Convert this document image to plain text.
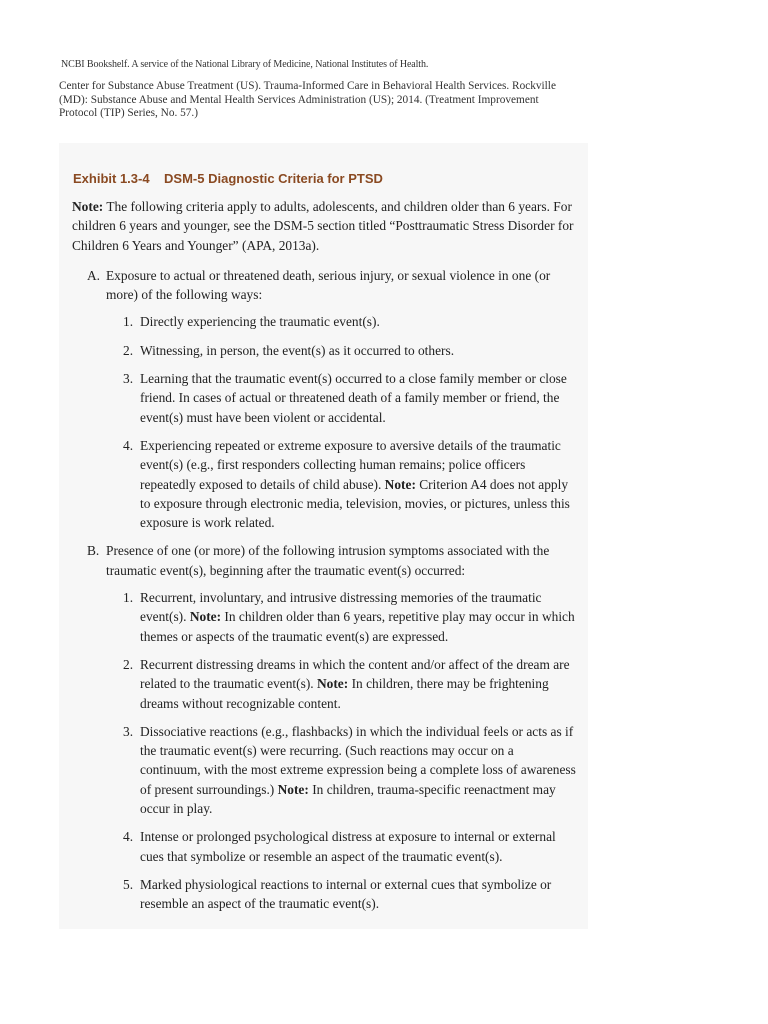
NCBI Bookshelf. A service of the National Library of Medicine, National Institutes of Health.
Center for Substance Abuse Treatment (US). Trauma-Informed Care in Behavioral Health Services. Rockville (MD): Substance Abuse and Mental Health Services Administration (US); 2014. (Treatment Improvement Protocol (TIP) Series, No. 57.)
Exhibit 1.3-4 DSM-5 Diagnostic Criteria for PTSD

Note: The following criteria apply to adults, adolescents, and children older than 6 years. For children 6 years and younger, see the DSM-5 section titled “Posttraumatic Stress Disorder for Children 6 Years and Younger” (APA, 2013a).

A. Exposure to actual or threatened death, serious injury, or sexual violence in one (or more) of the following ways:
1. Directly experiencing the traumatic event(s).
2. Witnessing, in person, the event(s) as it occurred to others.
3. Learning that the traumatic event(s) occurred to a close family member or close friend. In cases of actual or threatened death of a family member or friend, the event(s) must have been violent or accidental.
4. Experiencing repeated or extreme exposure to aversive details of the traumatic event(s) (e.g., first responders collecting human remains; police officers repeatedly exposed to details of child abuse). Note: Criterion A4 does not apply to exposure through electronic media, television, movies, or pictures, unless this exposure is work related.
B. Presence of one (or more) of the following intrusion symptoms associated with the traumatic event(s), beginning after the traumatic event(s) occurred:
1. Recurrent, involuntary, and intrusive distressing memories of the traumatic event(s). Note: In children older than 6 years, repetitive play may occur in which themes or aspects of the traumatic event(s) are expressed.
2. Recurrent distressing dreams in which the content and/or affect of the dream are related to the traumatic event(s). Note: In children, there may be frightening dreams without recognizable content.
3. Dissociative reactions (e.g., flashbacks) in which the individual feels or acts as if the traumatic event(s) were recurring. (Such reactions may occur on a continuum, with the most extreme expression being a complete loss of awareness of present surroundings.) Note: In children, trauma-specific reenactment may occur in play.
4. Intense or prolonged psychological distress at exposure to internal or external cues that symbolize or resemble an aspect of the traumatic event(s).
5. Marked physiological reactions to internal or external cues that symbolize or resemble an aspect of the traumatic event(s).
